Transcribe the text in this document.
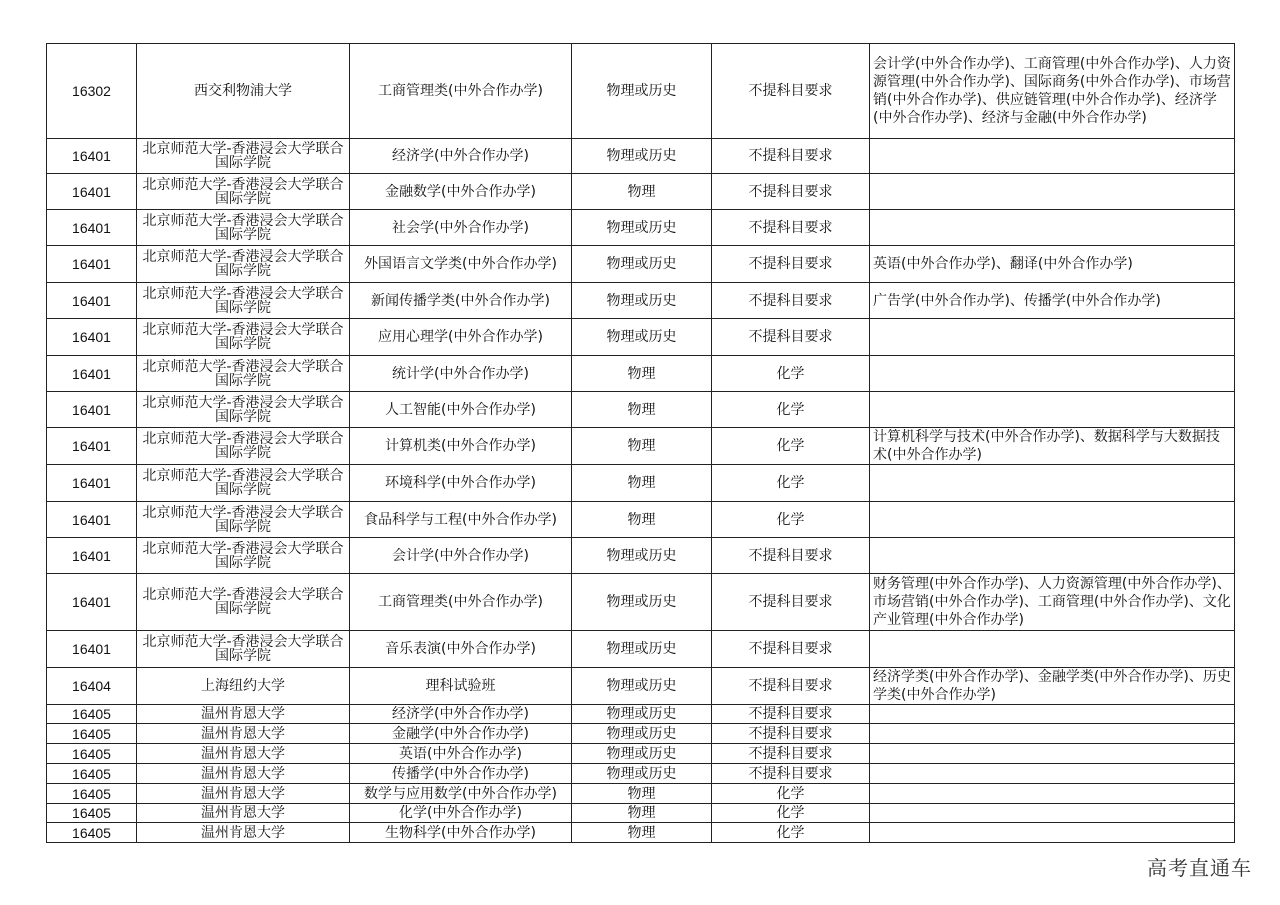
16302	西交利物浦大学	工商管理类(中外合作办学)	物理或历史	不提科目要求	会计学(中外合作办学)、工商管理(中外合作办学)、人力资源管理(中外合作办学)、国际商务(中外合作办学)、市场营销(中外合作办学)、供应链管理(中外合作办学)、经济学(中外合作办学)、经济与金融(中外合作办学)
16401	北京师范大学-香港浸会大学联合国际学院	经济学(中外合作办学)	物理或历史	不提科目要求	
16401	北京师范大学-香港浸会大学联合国际学院	金融数学(中外合作办学)	物理	不提科目要求	
16401	北京师范大学-香港浸会大学联合国际学院	社会学(中外合作办学)	物理或历史	不提科目要求	
16401	北京师范大学-香港浸会大学联合国际学院	外国语言文学类(中外合作办学)	物理或历史	不提科目要求	英语(中外合作办学)、翻译(中外合作办学)
16401	北京师范大学-香港浸会大学联合国际学院	新闻传播学类(中外合作办学)	物理或历史	不提科目要求	广告学(中外合作办学)、传播学(中外合作办学)
16401	北京师范大学-香港浸会大学联合国际学院	应用心理学(中外合作办学)	物理或历史	不提科目要求	
16401	北京师范大学-香港浸会大学联合国际学院	统计学(中外合作办学)	物理	化学	
16401	北京师范大学-香港浸会大学联合国际学院	人工智能(中外合作办学)	物理	化学	
16401	北京师范大学-香港浸会大学联合国际学院	计算机类(中外合作办学)	物理	化学	计算机科学与技术(中外合作办学)、数据科学与大数据技术(中外合作办学)
16401	北京师范大学-香港浸会大学联合国际学院	环境科学(中外合作办学)	物理	化学	
16401	北京师范大学-香港浸会大学联合国际学院	食品科学与工程(中外合作办学)	物理	化学	
16401	北京师范大学-香港浸会大学联合国际学院	会计学(中外合作办学)	物理或历史	不提科目要求	
16401	北京师范大学-香港浸会大学联合国际学院	工商管理类(中外合作办学)	物理或历史	不提科目要求	财务管理(中外合作办学)、人力资源管理(中外合作办学)、市场营销(中外合作办学)、工商管理(中外合作办学)、文化产业管理(中外合作办学)
16401	北京师范大学-香港浸会大学联合国际学院	音乐表演(中外合作办学)	物理或历史	不提科目要求	
16404	上海纽约大学	理科试验班	物理或历史	不提科目要求	经济学类(中外合作办学)、金融学类(中外合作办学)、历史学类(中外合作办学)
16405	温州肯恩大学	经济学(中外合作办学)	物理或历史	不提科目要求	
16405	温州肯恩大学	金融学(中外合作办学)	物理或历史	不提科目要求	
16405	温州肯恩大学	英语(中外合作办学)	物理或历史	不提科目要求	
16405	温州肯恩大学	传播学(中外合作办学)	物理或历史	不提科目要求	
16405	温州肯恩大学	数学与应用数学(中外合作办学)	物理	化学	
16405	温州肯恩大学	化学(中外合作办学)	物理	化学	
16405	温州肯恩大学	生物科学(中外合作办学)	物理	化学	
高考直通车
